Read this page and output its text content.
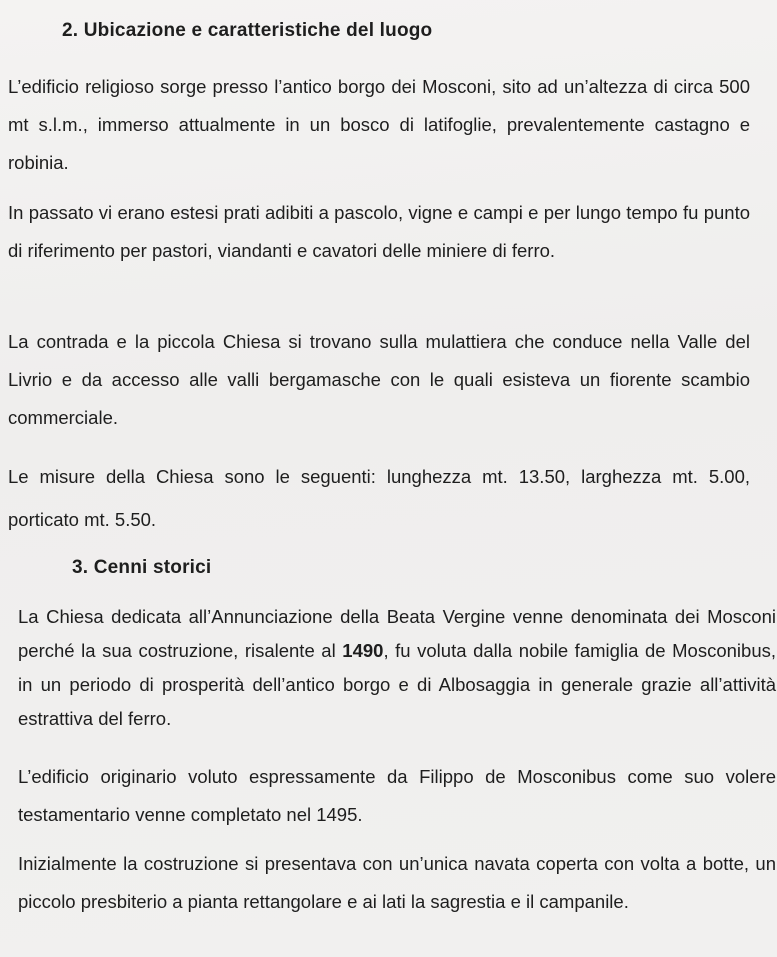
2. Ubicazione e caratteristiche del luogo
L’edificio religioso sorge presso l’antico borgo dei Mosconi, sito ad un’altezza di circa 500 mt s.l.m., immerso attualmente in un bosco di latifoglie, prevalentemente castagno e robinia.
In passato vi erano estesi prati adibiti a pascolo, vigne e campi e per lungo tempo fu punto di riferimento per pastori, viandanti e cavatori delle miniere di ferro.
La contrada e la piccola Chiesa si trovano sulla mulattiera che conduce nella Valle del Livrio e da accesso alle valli bergamasche con le quali esisteva un fiorente scambio commerciale.
Le misure della Chiesa sono le seguenti: lunghezza mt. 13.50, larghezza mt. 5.00, porticato mt. 5.50.
3. Cenni storici
La Chiesa dedicata all’Annunciazione della Beata Vergine venne denominata dei Mosconi perché la sua costruzione, risalente al 1490, fu voluta dalla nobile famiglia de Mosconibus, in un periodo di prosperità dell’antico borgo e di Albosaggia in generale grazie all’attività estrattiva del ferro.
L’edificio originario voluto espressamente da Filippo de Mosconibus come suo volere testamentario venne completato nel 1495.
Inizialmente la costruzione si presentava con un’unica navata coperta con volta a botte, un piccolo presbiterio a pianta rettangolare e ai lati la sagrestia e il campanile.
